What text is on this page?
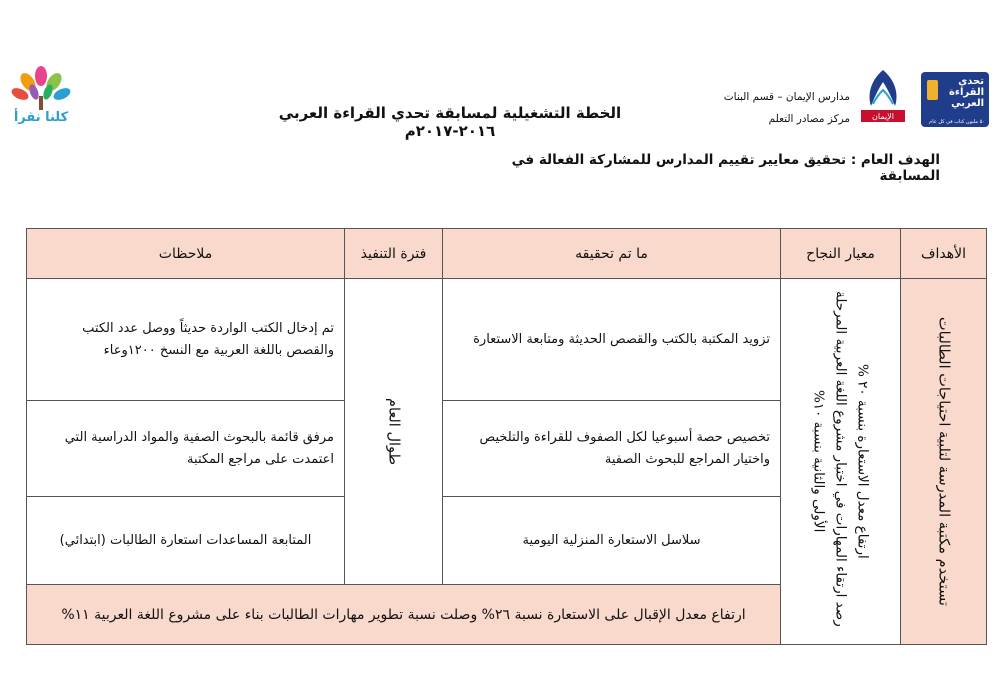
تحدي
القراءة
العربي
۵٠ مليون كتاب في كل عام
الإيمان
مدارس الإيمان – قسم البنات
مركز مصادر التعلم
كلنا نقرأ	الخطة التشغيلية لمسابقة تحدي القراءة العربي ٢٠١٦-٢٠١٧م
الهدف العام : تحقيق معايير تقييم المدارس للمشاركة الفعالة في المسابقة
الأهداف	معيار النجاح	ما تم تحقيقه	فترة التنفيذ	ملاحظات

تستخدم مكتبة المدرسة لتلبية احتياجات الطالبات	ارتفاع معدل الاستعارة بنسبة ٢٠ %
رصد ارتقاء المهارات في اختبار مشروع اللغة العربية المرحلة
الأولى والثانية بنسبة ١٠%	تزويد المكتبة بالكتب والقصص الحديثة ومتابعة الاستعارة	طوال العام	تم إدخال الكتب الواردة حديثاً ووصل عدد الكتب والقصص باللغة العربية مع النسخ ١٢٠٠وعاء
		تخصيص حصة أسبوعيا لكل الصفوف للقراءة والتلخيص واختيار المراجع للبحوث الصفية		مرفق قائمة بالبحوث الصفية والمواد الدراسية التي اعتمدت على مراجع المكتبة
		سلاسل الاستعارة المنزلية اليومية		المتابعة المساعدات استعارة الطالبات (ابتدائي)
		ارتفاع معدل الإقبال على الاستعارة نسبة ٢٦% وصلت نسبة تطوير مهارات الطالبات بناء على مشروع اللغة العربية ١١%		
